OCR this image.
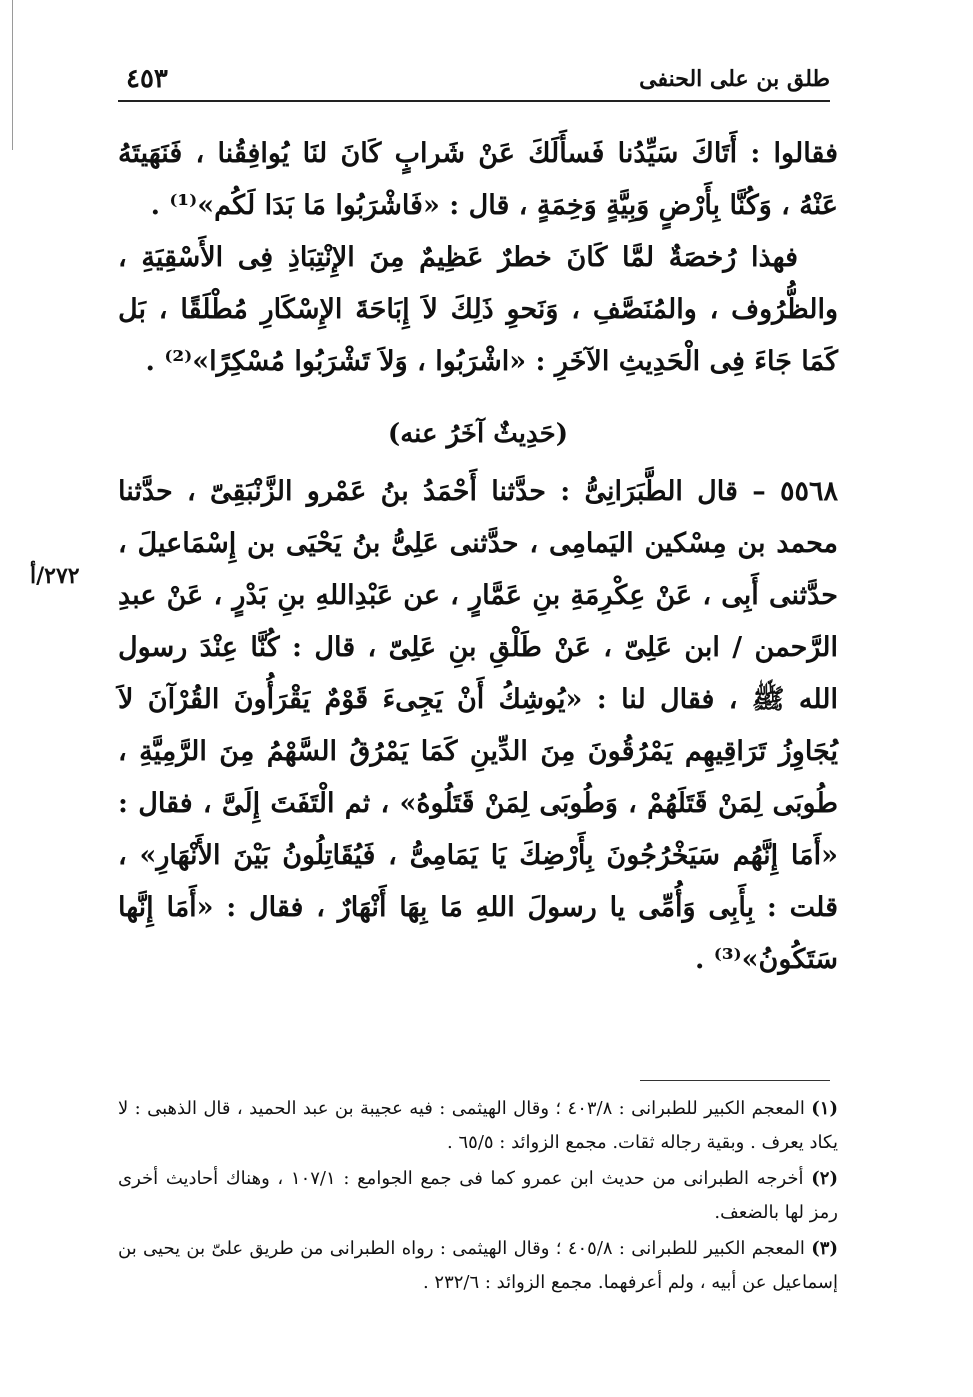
٤٥٣	طلق بن على الحنفى

فقالوا : أَتَاكَ سَيِّدُنا فَسأَلَكَ عَنْ شَرابٍ كَانَ لنَا يُوافِقُنا ، فَنَهَيتَهُ عَنْهُ ، وَكُنَّا بِأَرْضٍ وَبِيَّةٍ وَخِمَةٍ ، قال : «فَاشْرَبُوا مَا بَدَا لَكُم»⁽¹⁾ .

فهذا رُخصَةٌ لمَّا كَانَ خطرٌ عَظِيمٌ مِنَ الإِنْتِبَاذِ فِى الأَسْقِيَةِ ، والظُّرُوف ، والمُنَصَّفِ ، وَنَحوِ ذَلِكَ لاَ إِبَاحَةَ الإِسْكَارِ مُطْلَقًا ، بَل كَمَا جَاءَ فِى الْحَدِيثِ الآخَرِ : «اشْرَبُوا ، وَلاَ تَشْرَبُوا مُسْكِرًا»⁽²⁾ .

(حَدِيثٌ آخَرُ عنه)

٥٥٦٨ – قال الطَّبَرَانِىُّ : حدَّثنا أَحْمَدُ بنُ عَمْرو الزَّنْبَقِىّ ، حدَّثنا محمد بن مِسْكين اليَمامِى ، حدَّثنى عَلِىُّ بنُ يَحْيَى بن إِسْمَاعيلَ ، حدَّثنى أَبِى ، عَنْ عِكْرِمَةِ بنِ عَمَّارٍ ، عن عَبْدِاللهِ بنِ بَدْرٍ ، عَنْ عبدِ الرَّحمن / ابن عَلِىّ ، عَنْ طَلْقِ بنِ عَلِىّ ، قال : كُنَّا عِنْدَ رسول الله ﷺ ، فقال لنا : «يُوشِكُ أَنْ يَجِىءَ قَوْمٌ يَقْرَأُونَ القُرْآنَ لاَ يُجَاوِزُ تَرَاقِيهِم يَمْرُقُونَ مِنَ الدِّينِ كَمَا يَمْرُقُ السَّهْمُ مِنَ الرَّمِيَّةِ ، طُوبَى لِمَنْ قَتَلَهُمْ ، وَطُوبَى لِمَنْ قَتَلُوهُ» ، ثم الْتَفَتَ إِلَىَّ ، فقال : «أَمَا إِنَّهُم سَيَخْرُجُونَ بِأَرْضِكَ يَا يَمَامِىُّ ، فَيُقَاتِلُونُ بَيْنَ الأَنْهَارِ» ، قلت : بِأَبِى وَأُمِّى يا رسولَ اللهِ مَا بِهَا أَنْهَارٌ ، فقال : «أَمَا إِنَّها سَتَكُونُ»⁽³⁾ .

٢٧٢/أ

(١) المعجم الكبير للطبرانى : ٤٠٣/٨ ؛ وقال الهيثمى : فيه عجيبة بن عبد الحميد ، قال الذهبى : لا يكاد يعرف . وبقية رجاله ثقات. مجمع الزوائد : ٦٥/٥ .

(٢) أخرجه الطبرانى من حديث ابن عمرو كما فى جمع الجوامع : ١٠٧/١ ، وهناك أحاديث أخرى رمز لها بالضعف.

(٣) المعجم الكبير للطبرانى : ٤٠٥/٨ ؛ وقال الهيثمى : رواه الطبرانى من طريق علىّ بن يحيى بن إسماعيل عن أبيه ، ولم أعرفهما. مجمع الزوائد : ٢٣٢/٦ .
